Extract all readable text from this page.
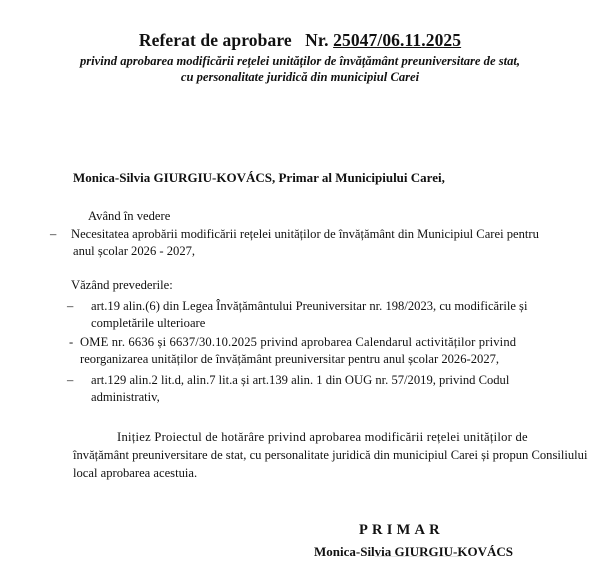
Referat de aprobare   Nr. 25047/06.11.2025
privind aprobarea modificării rețelei unităților de învățământ preuniversitare de stat,
cu personalitate juridică din municipiul Carei
Monica-Silvia GIURGIU-KOVÁCS, Primar al Municipiului Carei,
Având în vedere
– Necesitatea aprobării modificării rețelei unităților de învățământ din Municipiul Carei pentru
anul școlar 2026 - 2027,
Văzând prevederile:
– art.19 alin.(6) din Legea Învățământului Preuniversitar nr. 198/2023, cu modificările și
completările ulterioare
- OME nr. 6636 și 6637/30.10.2025 privind aprobarea Calendarul activităților privind
reorganizarea unităților de învățământ preuniversitar pentru anul școlar 2026-2027,
– art.129 alin.2 lit.d, alin.7 lit.a și art.139 alin. 1 din OUG nr. 57/2019, privind Codul
administrativ,
Inițiez Proiectul de hotărâre privind aprobarea modificării rețelei unităților de
învățământ preuniversitare de stat, cu personalitate juridică din municipiul Carei și propun Consiliului
local aprobarea acestuia.
PRIMAR
Monica-Silvia GIURGIU-KOVÁCS
